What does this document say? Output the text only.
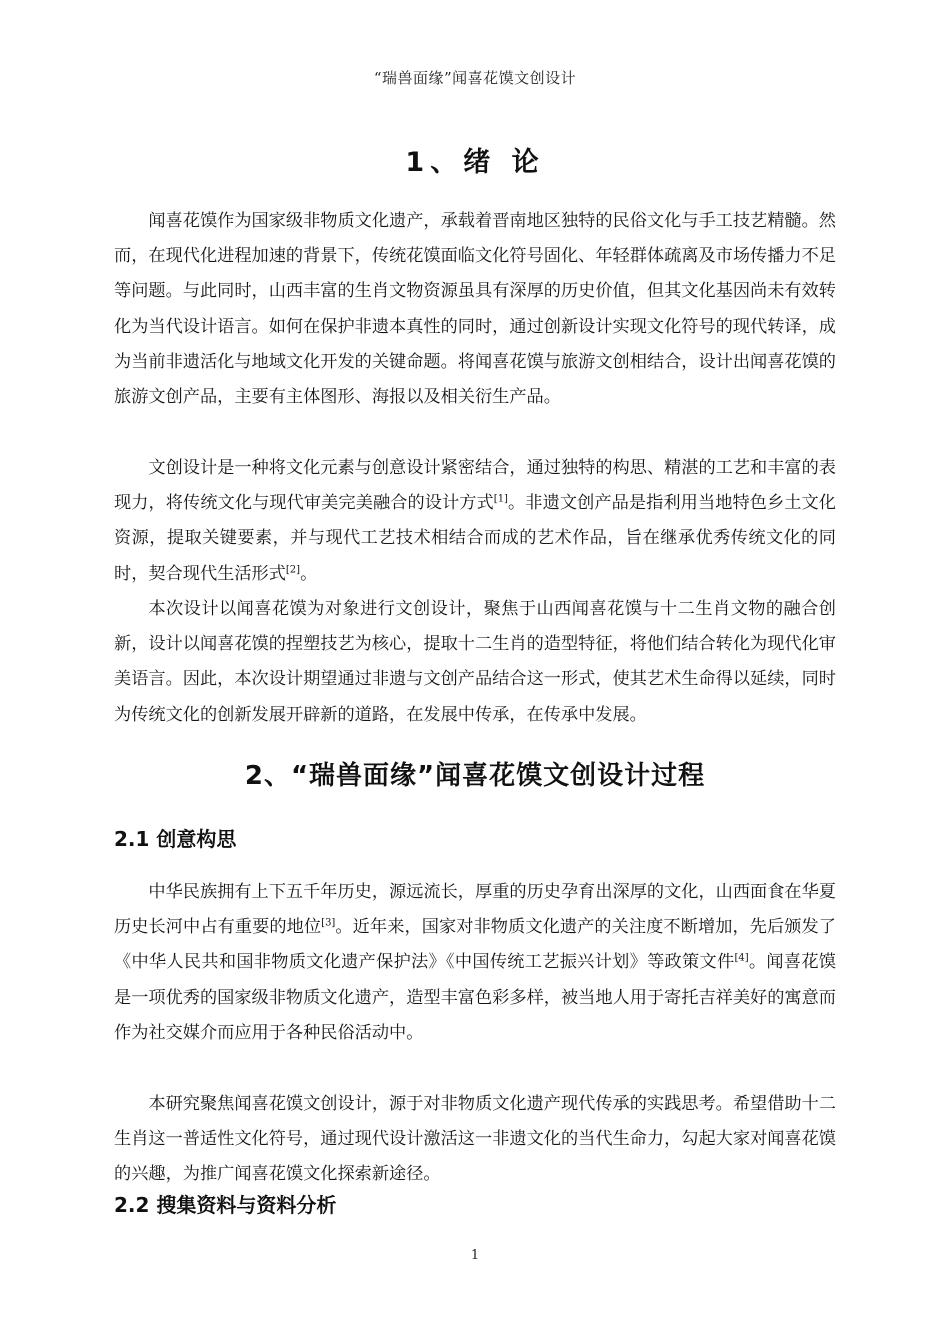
“瑞兽面缘”闻喜花馍文创设计
1、绪 论

闻喜花馍作为国家级非物质文化遗产，承载着晋南地区独特的民俗文化与手工技艺精髓。然而，在现代化进程加速的背景下，传统花馍面临文化符号固化、年轻群体疏离及市场传播力不足等问题。与此同时，山西丰富的生肖文物资源虽具有深厚的历史价值，但其文化基因尚未有效转化为当代设计语言。如何在保护非遗本真性的同时，通过创新设计实现文化符号的现代转译，成为当前非遗活化与地域文化开发的关键命题。将闻喜花馍与旅游文创相结合，设计出闻喜花馍的旅游文创产品，主要有主体图形、海报以及相关衍生产品。

文创设计是一种将文化元素与创意设计紧密结合，通过独特的构思、精湛的工艺和丰富的表现力，将传统文化与现代审美完美融合的设计方式[1]。非遗文创产品是指利用当地特色乡土文化资源，提取关键要素，并与现代工艺技术相结合而成的艺术作品，旨在继承优秀传统文化的同时，契合现代生活形式[2]。

本次设计以闻喜花馍为对象进行文创设计，聚焦于山西闻喜花馍与十二生肖文物的融合创新，设计以闻喜花馍的捏塑技艺为核心，提取十二生肖的造型特征，将他们结合转化为现代化审美语言。因此，本次设计期望通过非遗与文创产品结合这一形式，使其艺术生命得以延续，同时为传统文化的创新发展开辟新的道路，在发展中传承，在传承中发展。

2、“瑞兽面缘”闻喜花馍文创设计过程
2.1 创意构思

中华民族拥有上下五千年历史，源远流长，厚重的历史孕育出深厚的文化，山西面食在华夏历史长河中占有重要的地位[3]。近年来，国家对非物质文化遗产的关注度不断增加，先后颁发了《中华人民共和国非物质文化遗产保护法》《中国传统工艺振兴计划》等政策文件[4]。闻喜花馍是一项优秀的国家级非物质文化遗产，造型丰富色彩多样，被当地人用于寄托吉祥美好的寓意而作为社交媒介而应用于各种民俗活动中。

本研究聚焦闻喜花馍文创设计，源于对非物质文化遗产现代传承的实践思考。希望借助十二生肖这一普适性文化符号，通过现代设计激活这一非遗文化的当代生命力，勾起大家对闻喜花馍的兴趣，为推广闻喜花馍文化探索新途径。

2.2 搜集资料与资料分析
1
